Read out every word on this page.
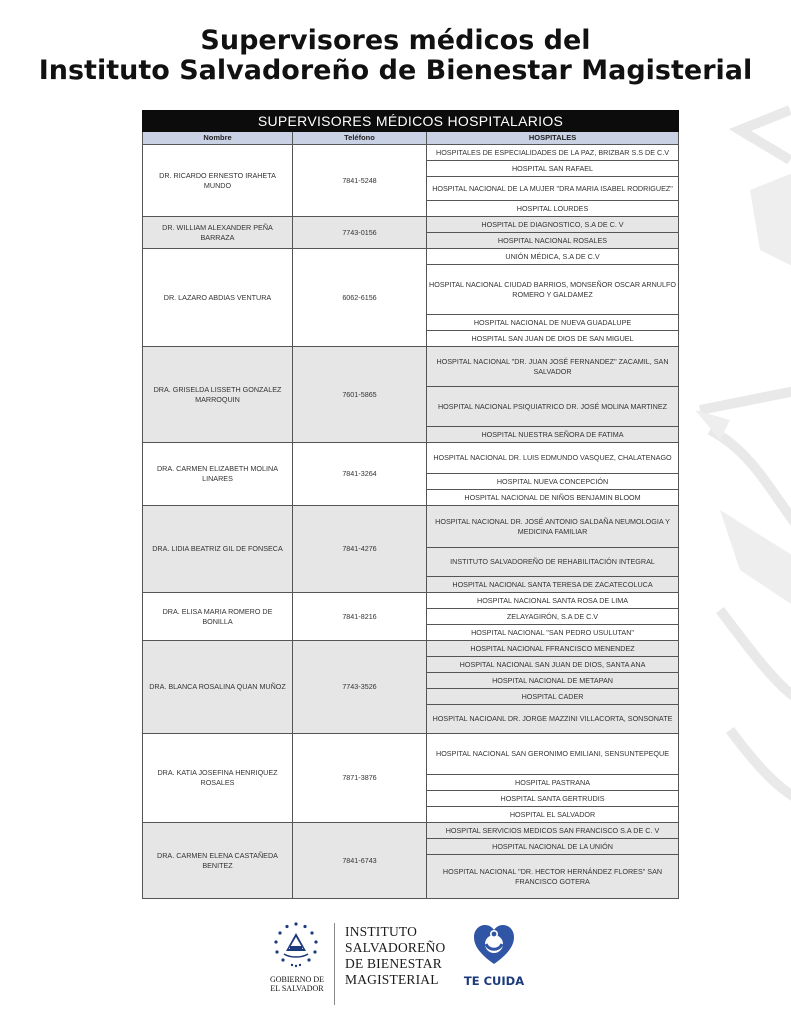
Supervisores médicos del
Instituto Salvadoreño de Bienestar Magisterial
SUPERVISORES MÉDICOS HOSPITALARIOS		
Nombre	Teléfono	HOSPITALES
DR. RICARDO ERNESTO IRAHETA MUNDO	7841-5248	HOSPITALES DE ESPECIALIDADES DE LA PAZ, BRIZBAR S.S DE C.V
		HOSPITAL SAN RAFAEL
		HOSPITAL NACIONAL DE LA MUJER "DRA MARIA ISABEL RODRIGUEZ"
		HOSPITAL LOURDES
DR. WILLIAM ALEXANDER PEÑA BARRAZA	7743-0156	HOSPITAL DE DIAGNOSTICO, S.A DE C. V
		HOSPITAL NACIONAL ROSALES
DR. LAZARO ABDIAS VENTURA	6062-6156	UNIÓN MÉDICA, S.A DE C.V
		HOSPITAL NACIONAL CIUDAD BARRIOS, MONSEÑOR OSCAR ARNULFO ROMERO Y GALDAMEZ
		HOSPITAL NACIONAL DE NUEVA GUADALUPE
		HOSPITAL SAN JUAN DE DIOS DE SAN MIGUEL
DRA. GRISELDA LISSETH GONZALEZ MARROQUIN	7601-5865	HOSPITAL NACIONAL "DR. JUAN JOSÉ FERNANDEZ" ZACAMIL, SAN SALVADOR
		HOSPITAL NACIONAL PSIQUIATRICO DR. JOSÉ MOLINA MARTINEZ
		HOSPITAL NUESTRA SEÑORA DE FATIMA
DRA. CARMEN ELIZABETH MOLINA LINARES	7841-3264	HOSPITAL NACIONAL DR. LUIS EDMUNDO VASQUEZ, CHALATENAGO
		HOSPITAL NUEVA CONCEPCIÓN
		HOSPITAL NACIONAL DE NIÑOS BENJAMIN BLOOM
DRA. LIDIA BEATRIZ GIL DE FONSECA	7841-4276	HOSPITAL NACIONAL DR. JOSÉ ANTONIO SALDAÑA NEUMOLOGIA Y MEDICINA FAMILIAR
		INSTITUTO SALVADOREÑO DE REHABILITACIÓN INTEGRAL
		HOSPITAL NACIONAL SANTA TERESA DE ZACATECOLUCA
DRA. ELISA MARIA ROMERO DE BONILLA	7841-8216	HOSPITAL NACIONAL SANTA ROSA DE LIMA
		ZELAYAGIRÓN, S.A DE C.V
		HOSPITAL NACIONAL "SAN PEDRO USULUTAN"
DRA. BLANCA ROSALINA QUAN MUÑOZ	7743-3526	HOSPITAL NACIONAL FFRANCISCO MENENDEZ
		HOSPITAL NACIONAL SAN JUAN DE DIOS, SANTA ANA
		HOSPITAL NACIONAL DE METAPAN
		HOSPITAL CADER
		HOSPITAL NACIOANL DR. JORGE MAZZINI VILLACORTA, SONSONATE
DRA. KATIA JOSEFINA HENRIQUEZ ROSALES	7871-3876	HOSPITAL NACIONAL SAN GERONIMO EMILIANI, SENSUNTEPEQUE
		HOSPITAL PASTRANA
		HOSPITAL SANTA GERTRUDIS
		HOSPITAL EL SALVADOR
DRA. CARMEN ELENA CASTAÑEDA BENITEZ	7841-6743	HOSPITAL SERVICIOS MEDICOS SAN FRANCISCO S.A DE C. V
		HOSPITAL NACIONAL DE LA UNIÓN
		HOSPITAL NACIONAL "DR. HECTOR HERNÁNDEZ FLORES" SAN FRANCISCO GOTERA
GOBIERNO DE
EL SALVADOR
INSTITUTO
SALVADOREÑO
DE BIENESTAR
MAGISTERIAL	TE CUIDA
